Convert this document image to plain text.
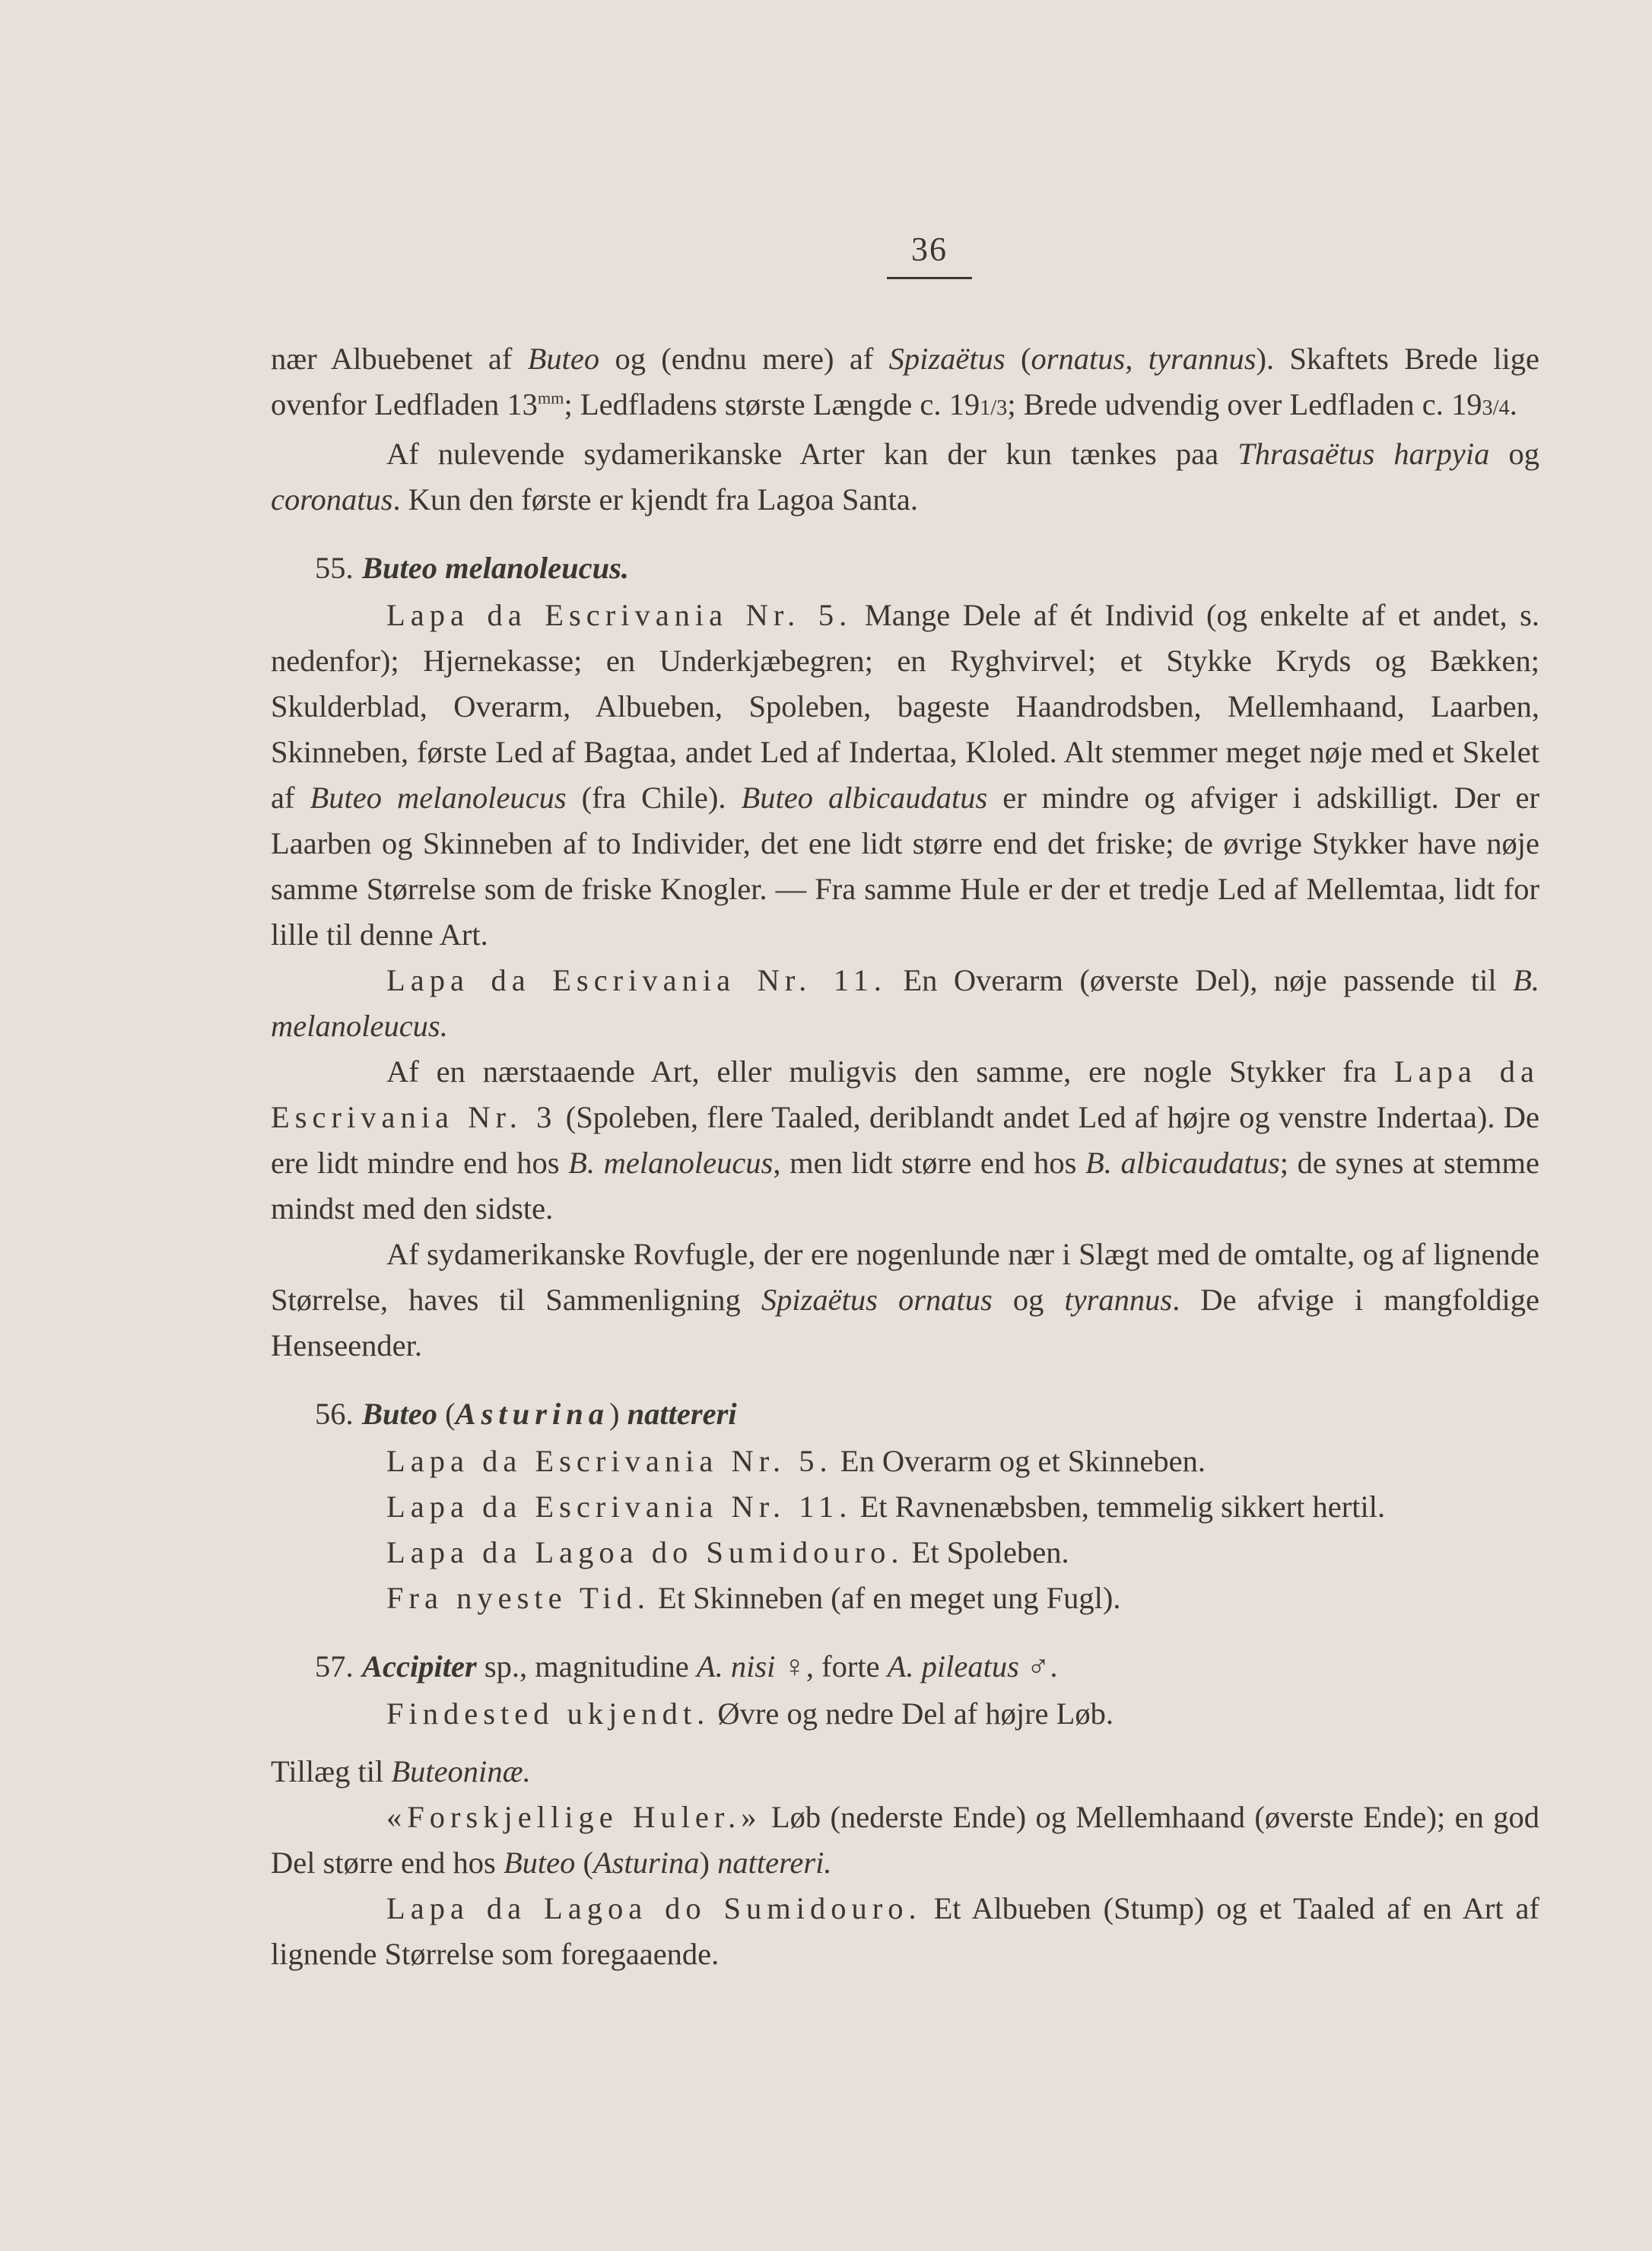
36

nær Albuebenet af Buteo og (endnu mere) af Spizaëtus (ornatus, tyrannus). Skaftets Brede lige ovenfor Ledfladen $13^{mm}$; Ledfladens største Længde c. 191/3; Brede udvendig over Ledfladen c. 193/4.

Af nulevende sydamerikanske Arter kan der kun tænkes paa Thrasaëtus harpyia og coronatus. Kun den første er kjendt fra Lagoa Santa.

55. Buteo melanoleucus.

Lapa da Escrivania Nr. 5. Mange Dele af ét Individ (og enkelte af et andet, s. nedenfor); Hjernekasse; en Underkjæbegren; en Ryghvirvel; et Stykke Kryds og Bækken; Skulderblad, Overarm, Albueben, Spoleben, bageste Haandrodsben, Mellemhaand, Laarben, Skinneben, første Led af Bagtaa, andet Led af Indertaa, Kloled. Alt stemmer meget nøje med et Skelet af Buteo melanoleucus (fra Chile). Buteo albicaudatus er mindre og afviger i adskilligt. Der er Laarben og Skinneben af to Individer, det ene lidt større end det friske; de øvrige Stykker have nøje samme Størrelse som de friske Knogler. — Fra samme Hule er der et tredje Led af Mellemtaa, lidt for lille til denne Art.

Lapa da Escrivania Nr. 11. En Overarm (øverste Del), nøje passende til B. melanoleucus.

Af en nærstaaende Art, eller muligvis den samme, ere nogle Stykker fra Lapa da Escrivania Nr. 3 (Spoleben, flere Taaled, deriblandt andet Led af højre og venstre Indertaa). De ere lidt mindre end hos B. melanoleucus, men lidt større end hos B. albicaudatus; de synes at stemme mindst med den sidste.

Af sydamerikanske Rovfugle, der ere nogenlunde nær i Slægt med de omtalte, og af lignende Størrelse, haves til Sammenligning Spizaëtus ornatus og tyrannus. De afvige i mangfoldige Henseender.

56. Buteo (Asturina) nattereri

Lapa da Escrivania Nr. 5. En Overarm og et Skinneben.

Lapa da Escrivania Nr. 11. Et Ravnenæbsben, temmelig sikkert hertil.

Lapa da Lagoa do Sumidouro. Et Spoleben.

Fra nyeste Tid. Et Skinneben (af en meget ung Fugl).

57. Accipiter sp., magnitudine A. nisi ♀, forte A. pileatus ♂.

Findested ukjendt. Øvre og nedre Del af højre Løb.

Tillæg til Buteoninæ.

«Forskjellige Huler.» Løb (nederste Ende) og Mellemhaand (øverste Ende); en god Del større end hos Buteo (Asturina) nattereri.

Lapa da Lagoa do Sumidouro. Et Albueben (Stump) og et Taaled af en Art af lignende Størrelse som foregaaende.
